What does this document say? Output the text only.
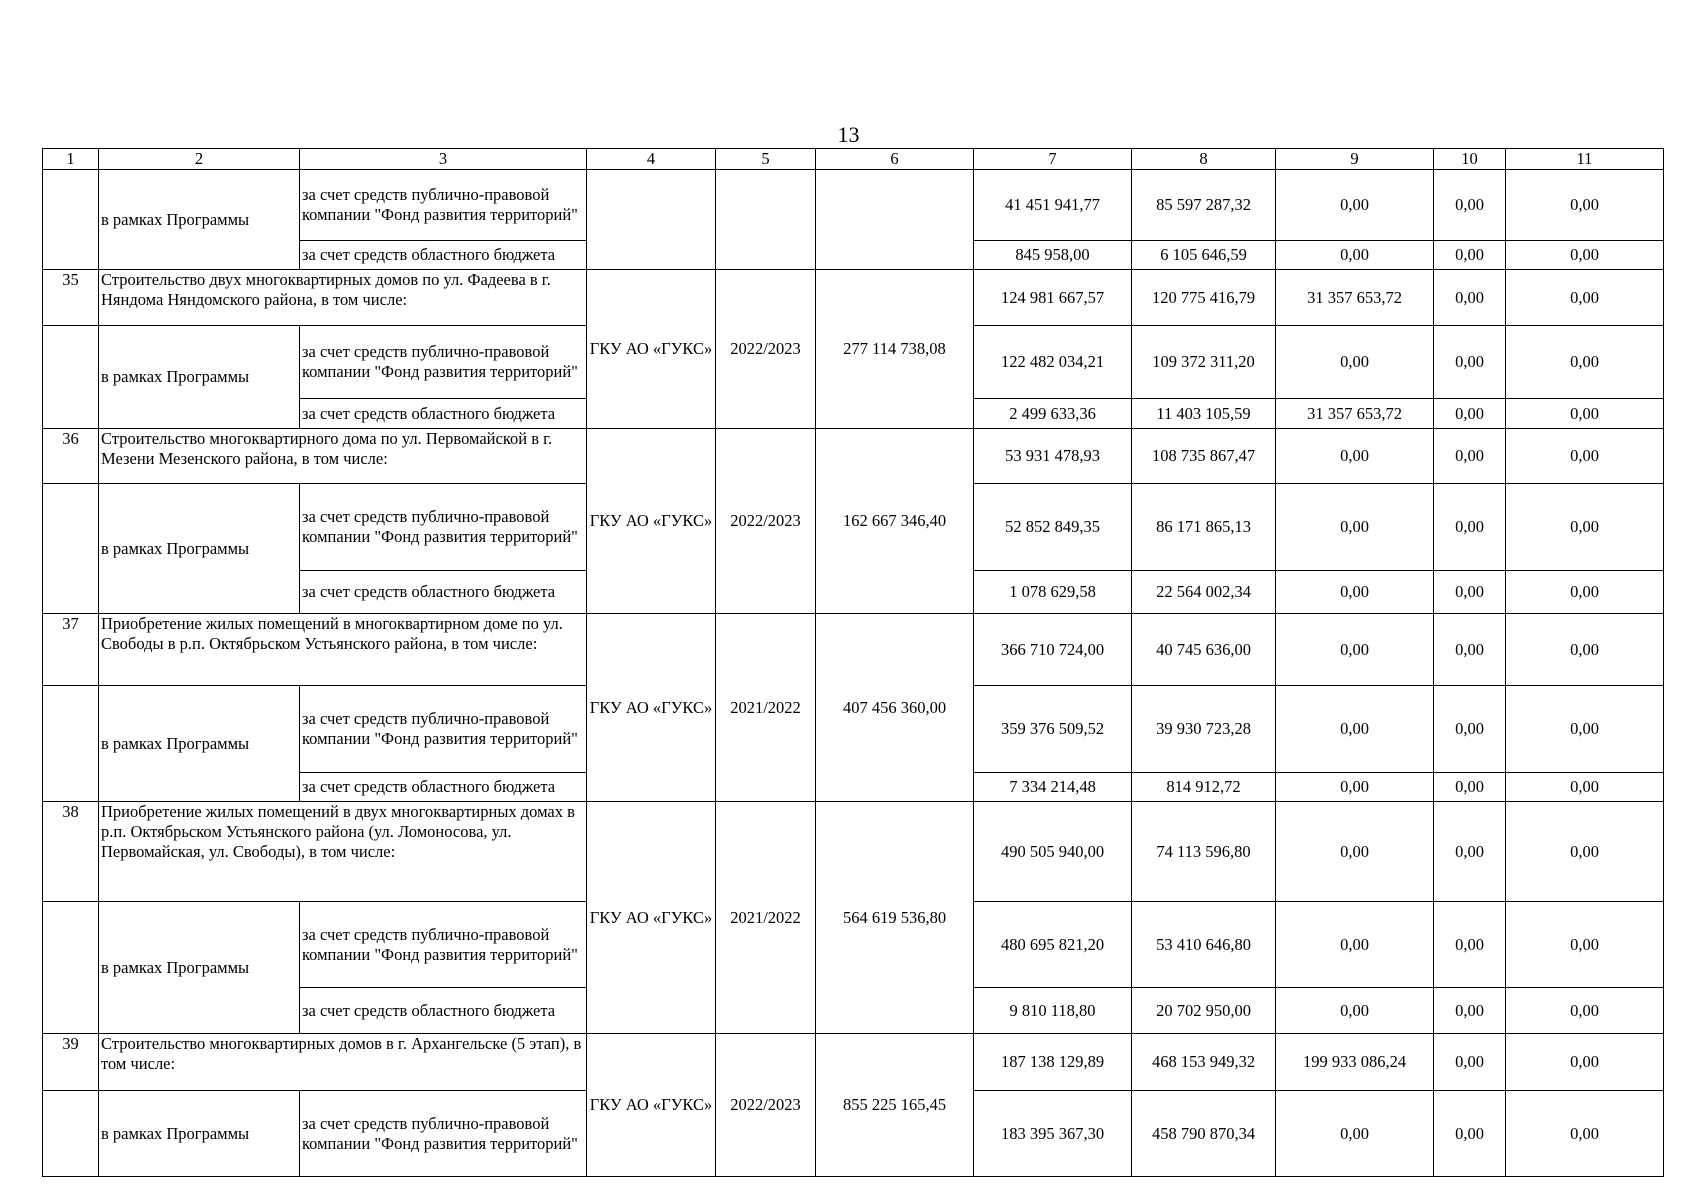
13
1	2	3	4	5	6	7	8	9	10	11
	в рамках Программы	за счет средств публично-правовой компании "Фонд развития территорий"				41 451 941,77	85 597 287,32	0,00	0,00	0,00
		за счет средств областного бюджета				845 958,00	6 105 646,59	0,00	0,00	0,00
35	Строительство двух многоквартирных домов по ул. Фадеева в г. Няндома Няндомского района, в том числе:		ГКУ АО «ГУКС»	2022/2023	277 114 738,08	124 981 667,57	120 775 416,79	31 357 653,72	0,00	0,00
	в рамках Программы	за счет средств публично-правовой компании "Фонд развития территорий"				122 482 034,21	109 372 311,20	0,00	0,00	0,00
		за счет средств областного бюджета				2 499 633,36	11 403 105,59	31 357 653,72	0,00	0,00
36	Строительство многоквартирного дома по ул. Первомайской в г. Мезени Мезенского района, в том числе:		ГКУ АО «ГУКС»	2022/2023	162 667 346,40	53 931 478,93	108 735 867,47	0,00	0,00	0,00
	в рамках Программы	за счет средств публично-правовой компании "Фонд развития территорий"				52 852 849,35	86 171 865,13	0,00	0,00	0,00
		за счет средств областного бюджета				1 078 629,58	22 564 002,34	0,00	0,00	0,00
37	Приобретение жилых помещений в многоквартирном доме по ул. Свободы в р.п. Октябрьском Устьянского района, в том числе:		ГКУ АО «ГУКС»	2021/2022	407 456 360,00	366 710 724,00	40 745 636,00	0,00	0,00	0,00
	в рамках Программы	за счет средств публично-правовой компании "Фонд развития территорий"				359 376 509,52	39 930 723,28	0,00	0,00	0,00
		за счет средств областного бюджета				7 334 214,48	814 912,72	0,00	0,00	0,00
38	Приобретение жилых помещений в двух многоквартирных домах в р.п. Октябрьском Устьянского района (ул. Ломоносова, ул. Первомайская, ул. Свободы), в том числе:		ГКУ АО «ГУКС»	2021/2022	564 619 536,80	490 505 940,00	74 113 596,80	0,00	0,00	0,00
	в рамках Программы	за счет средств публично-правовой компании "Фонд развития территорий"				480 695 821,20	53 410 646,80	0,00	0,00	0,00
		за счет средств областного бюджета				9 810 118,80	20 702 950,00	0,00	0,00	0,00
39	Строительство многоквартирных домов в г. Архангельске (5 этап), в том числе:		ГКУ АО «ГУКС»	2022/2023	855 225 165,45	187 138 129,89	468 153 949,32	199 933 086,24	0,00	0,00
	в рамках Программы	за счет средств публично-правовой компании "Фонд развития территорий"				183 395 367,30	458 790 870,34	0,00	0,00	0,00
